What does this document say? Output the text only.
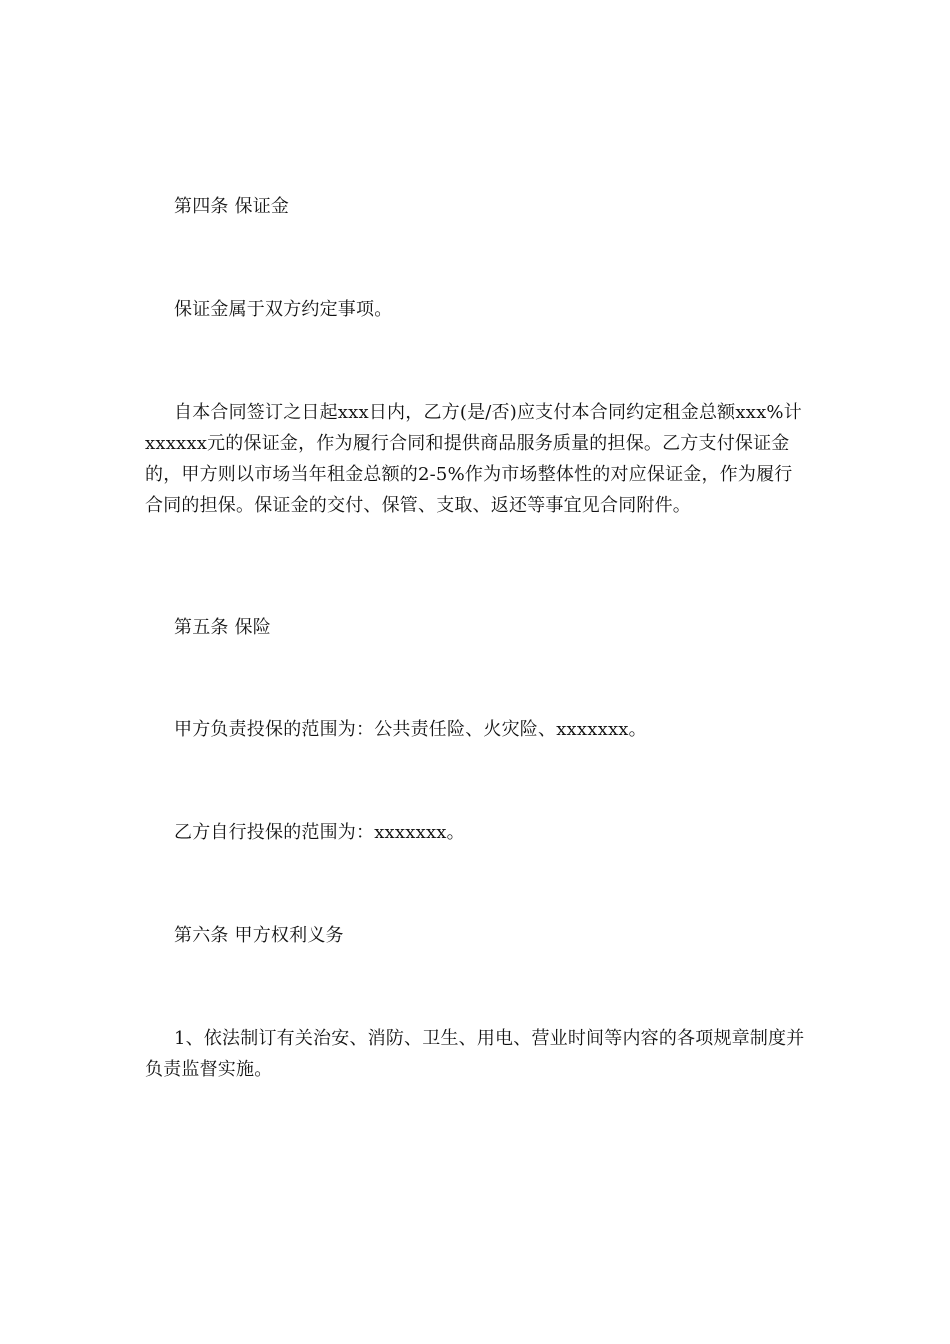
第四条 保证金

保证金属于双方约定事项。

自本合同签订之日起xxx日内，乙方(是/否)应支付本合同约定租金总额xxx%计xxxxxx元的保证金，作为履行合同和提供商品服务质量的担保。乙方支付保证金的，甲方则以市场当年租金总额的2-5%作为市场整体性的对应保证金，作为履行合同的担保。保证金的交付、保管、支取、返还等事宜见合同附件。

第五条 保险

甲方负责投保的范围为：公共责任险、火灾险、xxxxxxx。

乙方自行投保的范围为：xxxxxxx。

第六条 甲方权利义务

1、依法制订有关治安、消防、卫生、用电、营业时间等内容的各项规章制度并负责监督实施。
